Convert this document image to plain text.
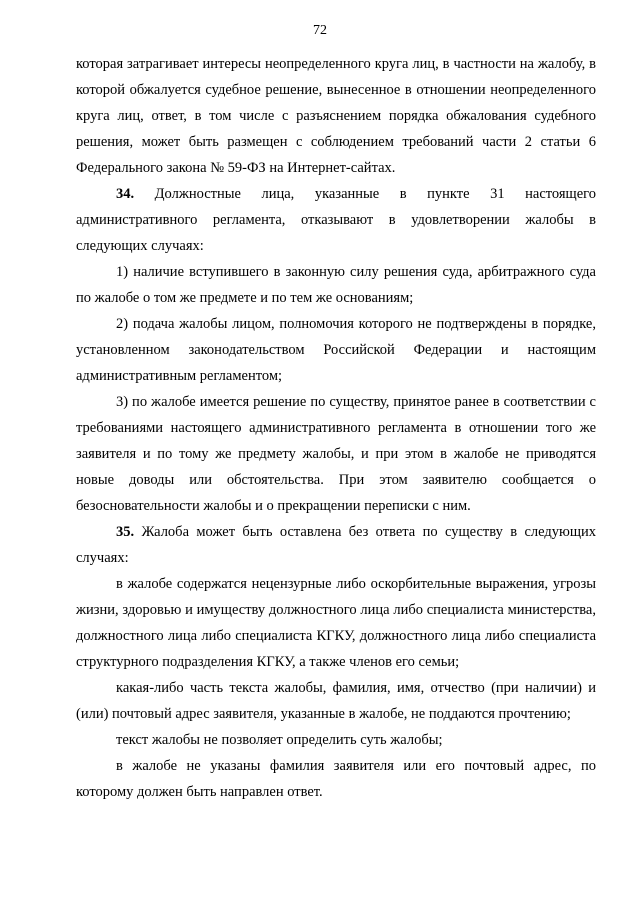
72

которая затрагивает интересы неопределенного круга лиц, в частности на жалобу, в которой обжалуется судебное решение, вынесенное в отношении неопределенного круга лиц, ответ, в том числе с разъяснением порядка обжалования судебного решения, может быть размещен с соблюдением требований части 2 статьи 6 Федерального закона № 59-ФЗ на Интернет-сайтах.

34. Должностные лица, указанные в пункте 31 настоящего административного регламента, отказывают в удовлетворении жалобы в следующих случаях:

1) наличие вступившего в законную силу решения суда, арбитражного суда по жалобе о том же предмете и по тем же основаниям;

2) подача жалобы лицом, полномочия которого не подтверждены в порядке, установленном законодательством Российской Федерации и настоящим административным регламентом;

3) по жалобе имеется решение по существу, принятое ранее в соответствии с требованиями настоящего административного регламента в отношении того же заявителя и по тому же предмету жалобы, и при этом в жалобе не приводятся новые доводы или обстоятельства. При этом заявителю сообщается о безосновательности жалобы и о прекращении переписки с ним.

35. Жалоба может быть оставлена без ответа по существу в следующих случаях:

в жалобе содержатся нецензурные либо оскорбительные выражения, угрозы жизни, здоровью и имуществу должностного лица либо специалиста министерства, должностного лица либо специалиста КГКУ, должностного лица либо специалиста структурного подразделения КГКУ, а также членов его семьи;

какая-либо часть текста жалобы, фамилия, имя, отчество (при наличии) и (или) почтовый адрес заявителя, указанные в жалобе, не поддаются прочтению;

текст жалобы не позволяет определить суть жалобы;

в жалобе не указаны фамилия заявителя или его почтовый адрес, по которому должен быть направлен ответ.
